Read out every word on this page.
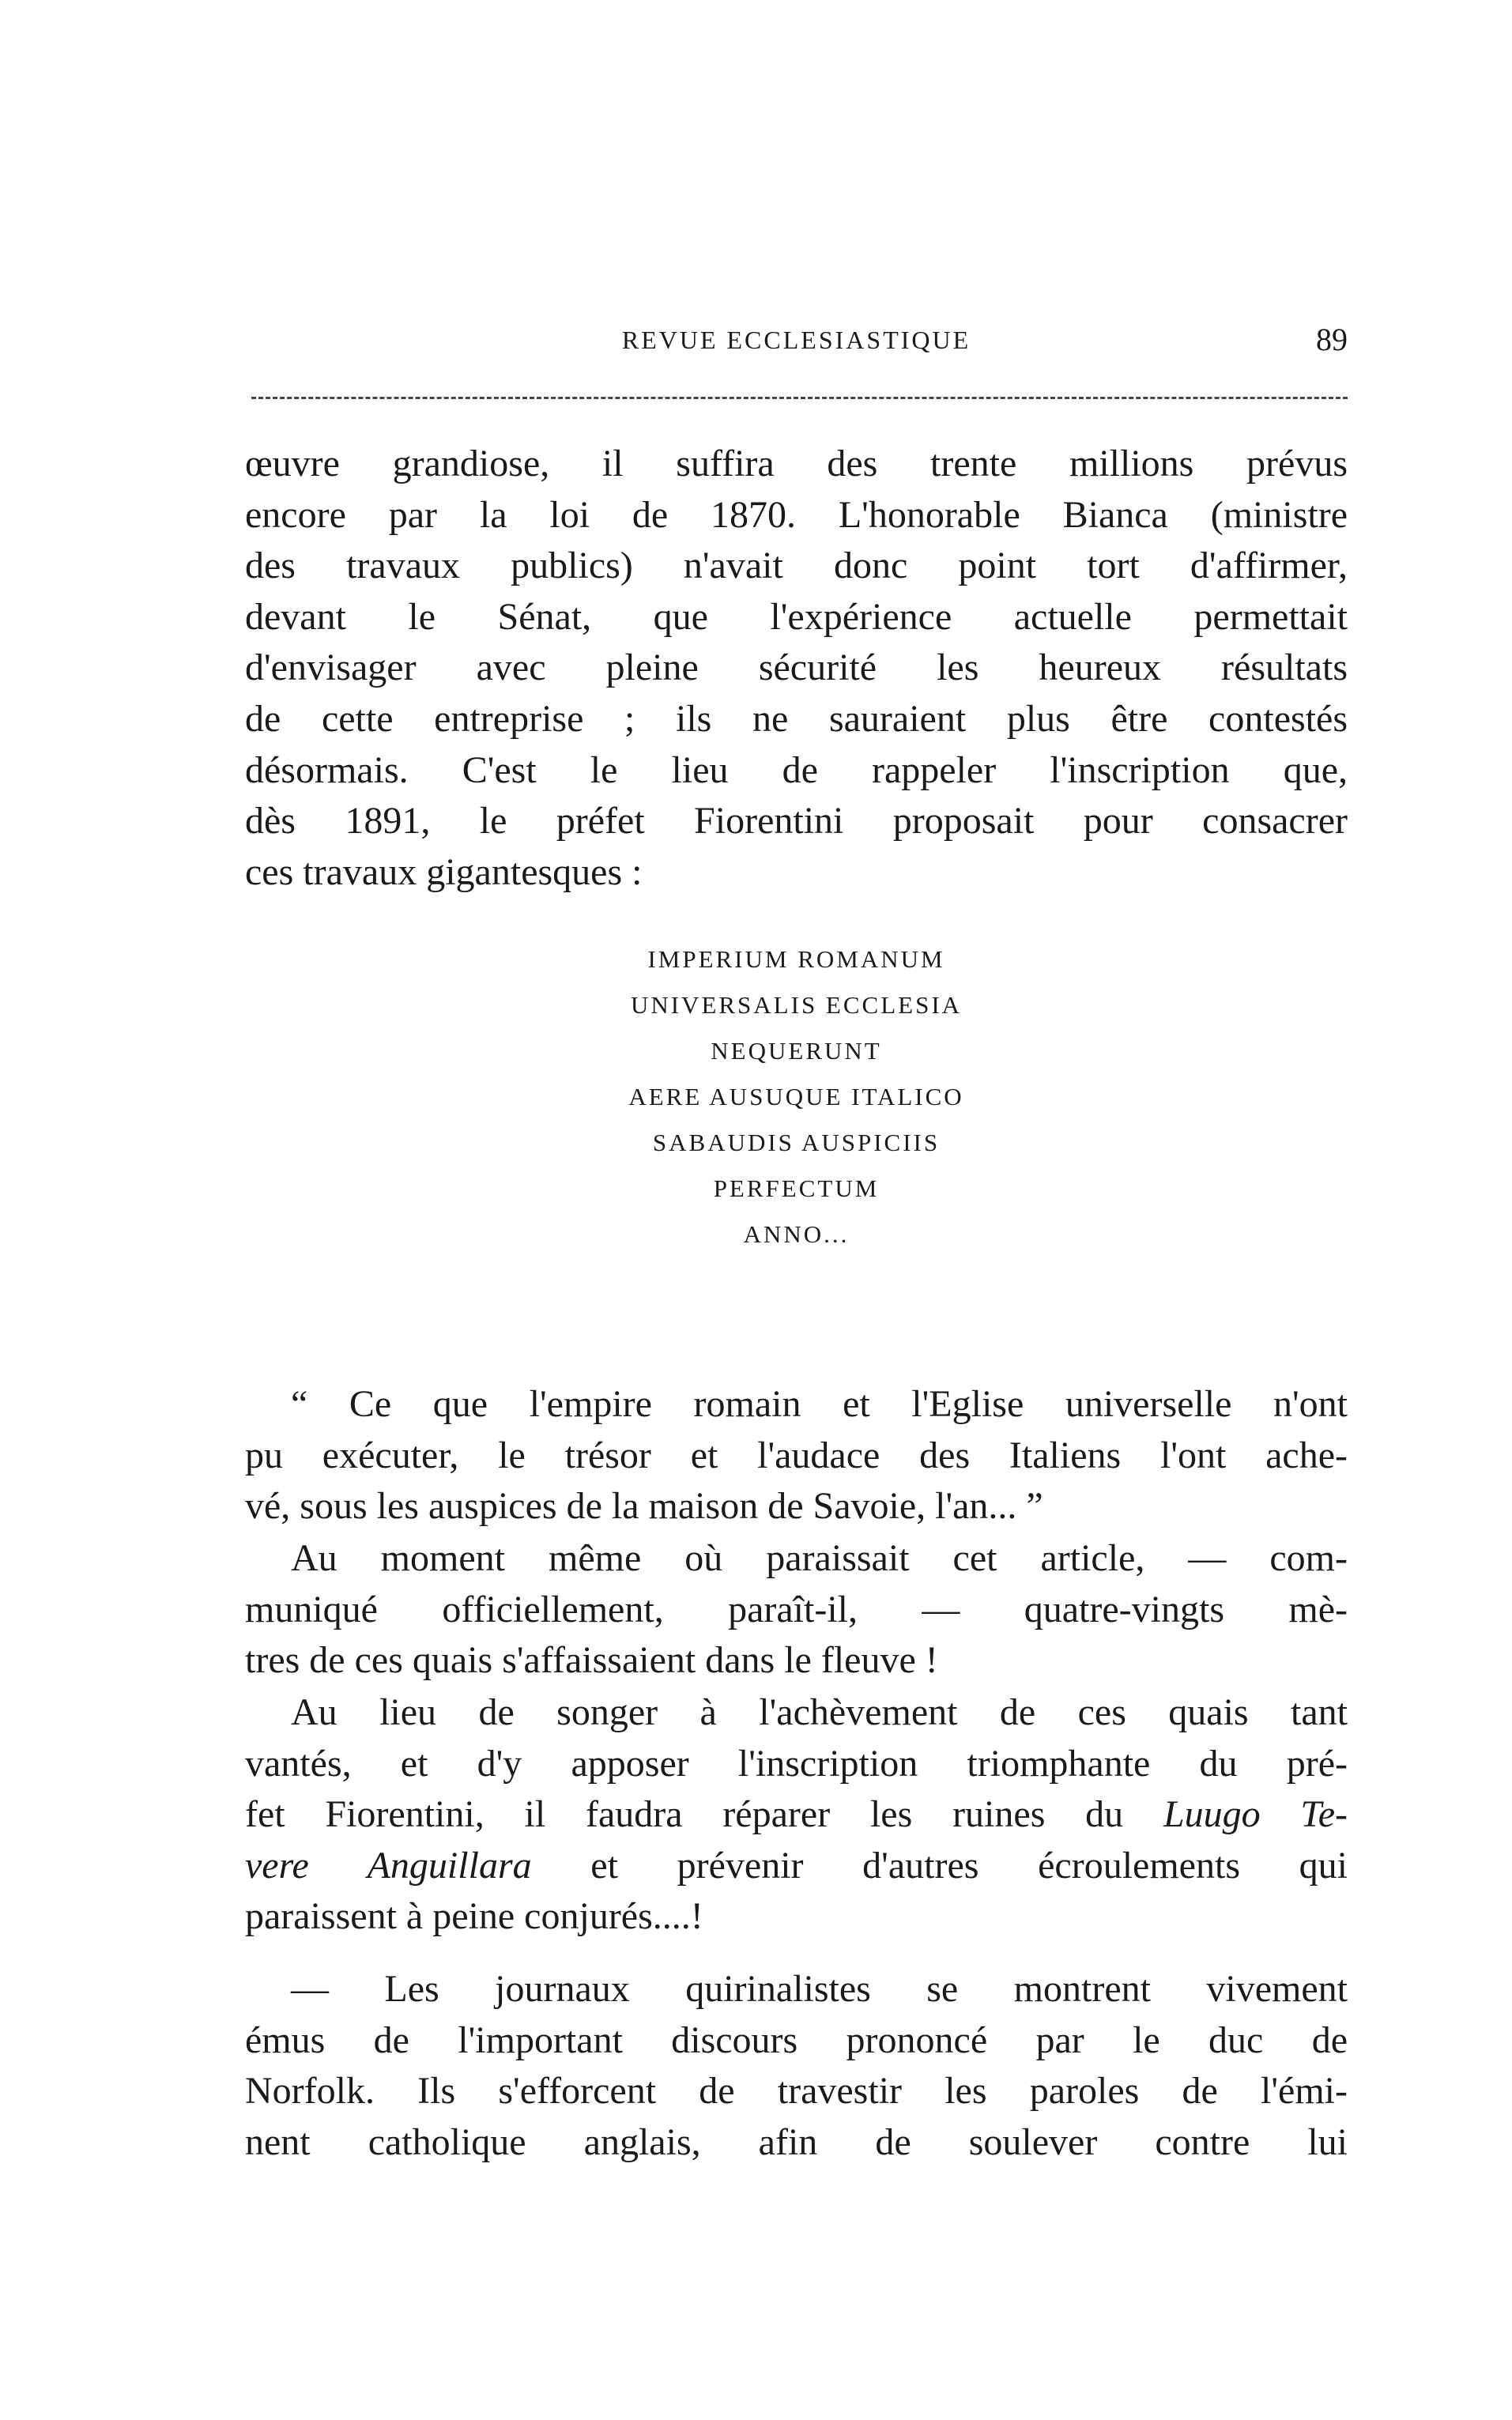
REVUE ECCLESIASTIQUE	89
œuvre grandiose, il suffira des trente millions prévus
encore par la loi de 1870. L'honorable Bianca (ministre
des travaux publics) n'avait donc point tort d'affirmer,
devant le Sénat, que l'expérience actuelle permettait
d'envisager avec pleine sécurité les heureux résultats
de cette entreprise ; ils ne sauraient plus être contestés
désormais. C'est le lieu de rappeler l'inscription que,
dès 1891, le préfet Fiorentini proposait pour consacrer
ces travaux gigantesques :
IMPERIUM ROMANUM
UNIVERSALIS ECCLESIA
NEQUERUNT
AERE AUSUQUE ITALICO
SABAUDIS AUSPICIIS
PERFECTUM
ANNO...
“ Ce que l'empire romain et l'Eglise universelle n'ont
pu exécuter, le trésor et l'audace des Italiens l'ont ache-
vé, sous les auspices de la maison de Savoie, l'an... ”
Au moment même où paraissait cet article, — com-
muniqué officiellement, paraît-il, — quatre-vingts mè-
tres de ces quais s'affaissaient dans le fleuve !
Au lieu de songer à l'achèvement de ces quais tant
vantés, et d'y apposer l'inscription triomphante du pré-
fet Fiorentini, il faudra réparer les ruines du Luugo Te-
vere Anguillara et prévenir d'autres écroulements qui
paraissent à peine conjurés....!
— Les journaux quirinalistes se montrent vivement
émus de l'important discours prononcé par le duc de
Norfolk. Ils s'efforcent de travestir les paroles de l'émi-
nent catholique anglais, afin de soulever contre lui
